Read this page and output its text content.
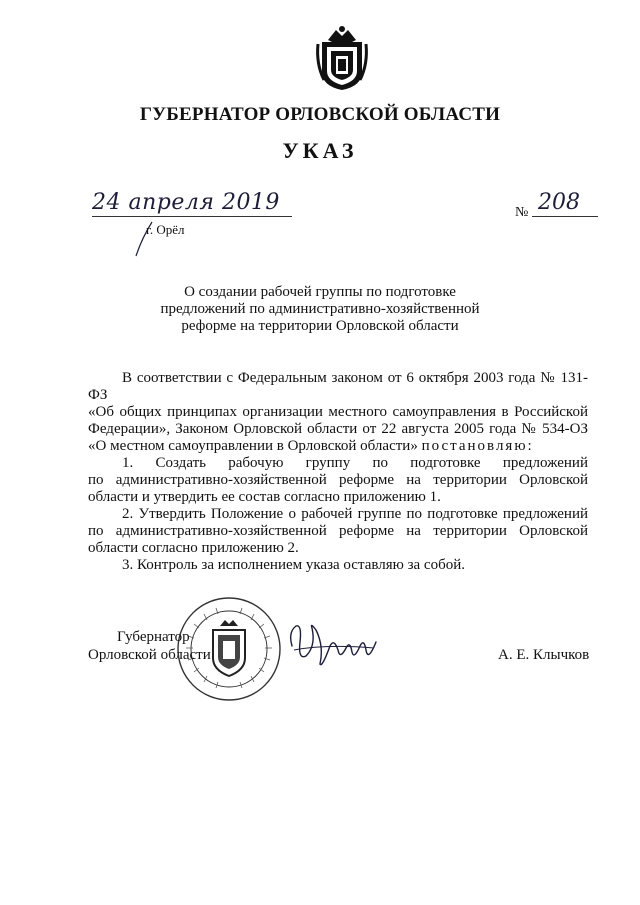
ГУБЕРНАТОР ОРЛОВСКОЙ ОБЛАСТИ
УКАЗ
24 апреля 2019
г. Орёл
№ 208
О создании рабочей группы по подготовке
предложений по административно-хозяйственной
реформе на территории Орловской области
В соответствии с Федеральным законом от 6 октября 2003 года № 131-ФЗ
«Об общих принципах организации местного самоуправления в Российской
Федерации», Законом Орловской области от 22 августа 2005 года № 534-ОЗ
«О местном самоуправлении в Орловской области» постановляю:
1. Создать рабочую группу по подготовке предложений
по административно-хозяйственной реформе на территории Орловской
области и утвердить ее состав согласно приложению 1.
2. Утвердить Положение о рабочей группе по подготовке предложений
по административно-хозяйственной реформе на территории Орловской
области согласно приложению 2.
3. Контроль за исполнением указа оставляю за собой.
Губернатор
Орловской области	А. Е. Клычков
